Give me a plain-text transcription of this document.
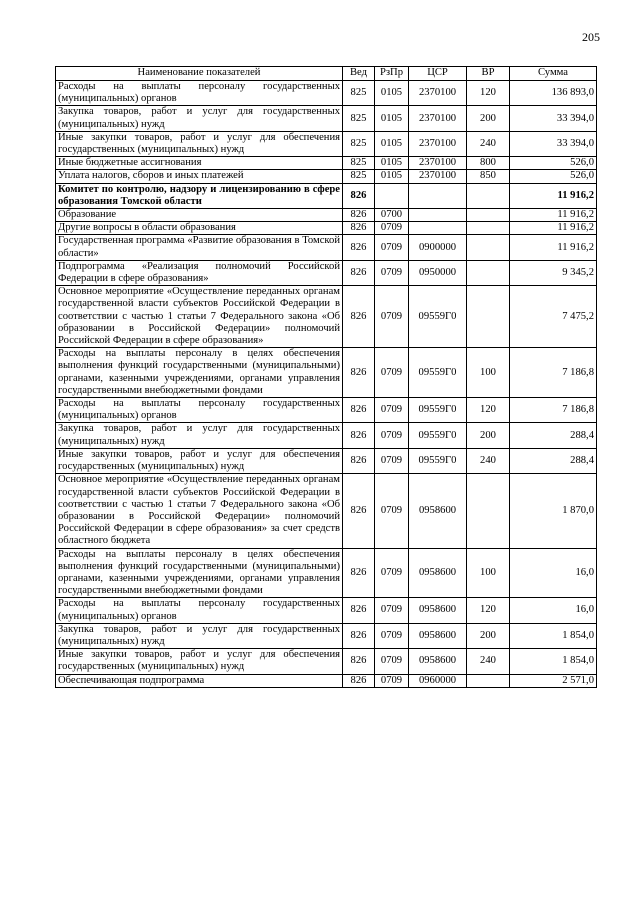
205
Наименование показателей	Вед	РзПр	ЦСР	ВР	Сумма
Расходы на выплаты персоналу государственных (муниципальных) органов	825	0105	2370100	120	136 893,0
Закупка товаров, работ и услуг для государственных (муниципальных) нужд	825	0105	2370100	200	33 394,0
Иные закупки товаров, работ и услуг для обеспечения государственных (муниципальных) нужд	825	0105	2370100	240	33 394,0
Иные бюджетные ассигнования	825	0105	2370100	800	526,0
Уплата налогов, сборов и иных платежей	825	0105	2370100	850	526,0
Комитет по контролю, надзору и лицензированию в сфере образования Томской области	826				11 916,2
Образование	826	0700			11 916,2
Другие вопросы в области образования	826	0709			11 916,2
Государственная программа «Развитие образования в Томской области»	826	0709	0900000		11 916,2
Подпрограмма «Реализация полномочий Российской Федерации в сфере образования»	826	0709	0950000		9 345,2
Основное мероприятие «Осуществление переданных органам государственной власти субъектов Российской Федерации в соответствии с частью 1 статьи 7 Федерального закона «Об образовании в Российской Федерации» полномочий Российской Федерации в сфере образования»	826	0709	09559Г0		7 475,2
Расходы на выплаты персоналу в целях обеспечения выполнения функций государственными (муниципальными) органами, казенными учреждениями, органами управления государственными внебюджетными фондами	826	0709	09559Г0	100	7 186,8
Расходы на выплаты персоналу государственных (муниципальных) органов	826	0709	09559Г0	120	7 186,8
Закупка товаров, работ и услуг для государственных (муниципальных) нужд	826	0709	09559Г0	200	288,4
Иные закупки товаров, работ и услуг для обеспечения государственных (муниципальных) нужд	826	0709	09559Г0	240	288,4
Основное мероприятие «Осуществление переданных органам государственной власти субъектов Российской Федерации в соответствии с частью 1 статьи 7 Федерального закона «Об образовании в Российской Федерации» полномочий Российской Федерации в сфере образования» за счет средств областного бюджета	826	0709	0958600		1 870,0
Расходы на выплаты персоналу в целях обеспечения выполнения функций государственными (муниципальными) органами, казенными учреждениями, органами управления государственными внебюджетными фондами	826	0709	0958600	100	16,0
Расходы на выплаты персоналу государственных (муниципальных) органов	826	0709	0958600	120	16,0
Закупка товаров, работ и услуг для государственных (муниципальных) нужд	826	0709	0958600	200	1 854,0
Иные закупки товаров, работ и услуг для обеспечения государственных (муниципальных) нужд	826	0709	0958600	240	1 854,0
Обеспечивающая подпрограмма	826	0709	0960000		2 571,0
